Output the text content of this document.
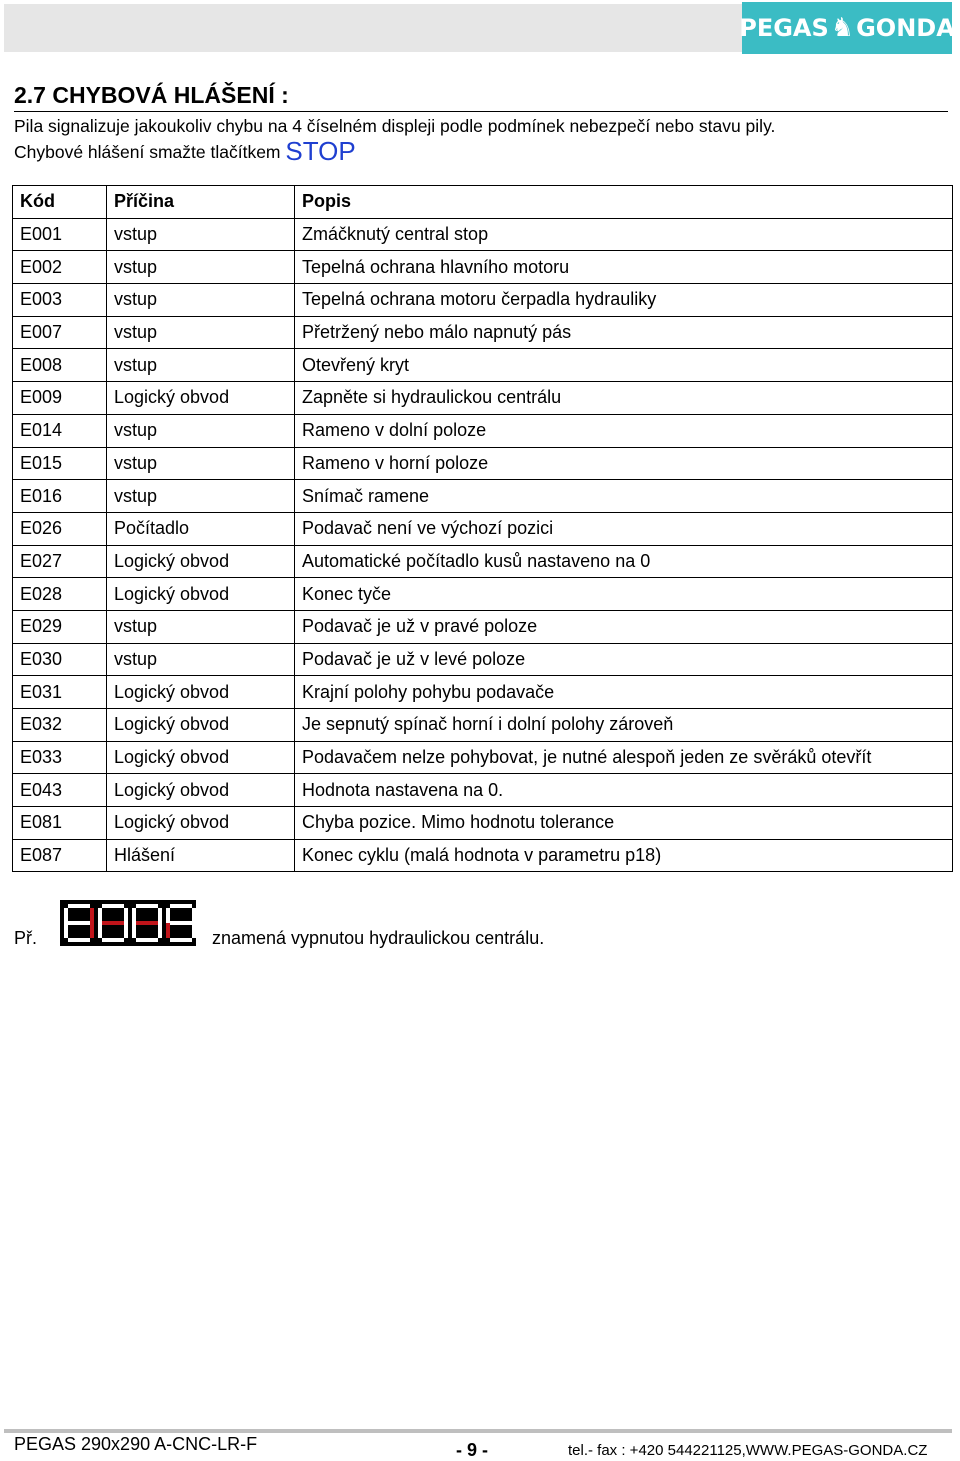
PEGAS ♞ GONDA
2.7 CHYBOVÁ HLÁŠENÍ :
Pila signalizuje jakoukoliv chybu na 4 číselném displeji podle podmínek nebezpečí nebo stavu pily.
Chybové hlášení smažte tlačítkem STOP
Kód	Příčina	Popis
E001	vstup	Zmáčknutý central stop
E002	vstup	Tepelná ochrana hlavního motoru
E003	vstup	Tepelná ochrana motoru čerpadla hydrauliky
E007	vstup	Přetržený nebo málo napnutý pás
E008	vstup	Otevřený kryt
E009	Logický obvod	Zapněte si hydraulickou centrálu
E014	vstup	Rameno v dolní poloze
E015	vstup	Rameno v horní poloze
E016	vstup	Snímač ramene
E026	Počítadlo	Podavač není ve výchozí pozici
E027	Logický obvod	Automatické počítadlo kusů nastaveno na 0
E028	Logický obvod	Konec tyče
E029	vstup	Podavač je už v pravé poloze
E030	vstup	Podavač je už v levé poloze
E031	Logický obvod	Krajní polohy pohybu podavače
E032	Logický obvod	Je sepnutý spínač horní i dolní polohy zároveň
E033	Logický obvod	Podavačem nelze pohybovat, je nutné alespoň jeden ze svěráků otevřít
E043	Logický obvod	Hodnota nastavena na 0.
E081	Logický obvod	Chyba pozice. Mimo hodnotu tolerance
E087	Hlášení	Konec cyklu (malá hodnota v parametru p18)
Př.	znamená vypnutou hydraulickou centrálu.
PEGAS 290x290 A-CNC-LR-F	- 9 -	tel.- fax : +420 544221125,WWW.PEGAS-GONDA.CZ
